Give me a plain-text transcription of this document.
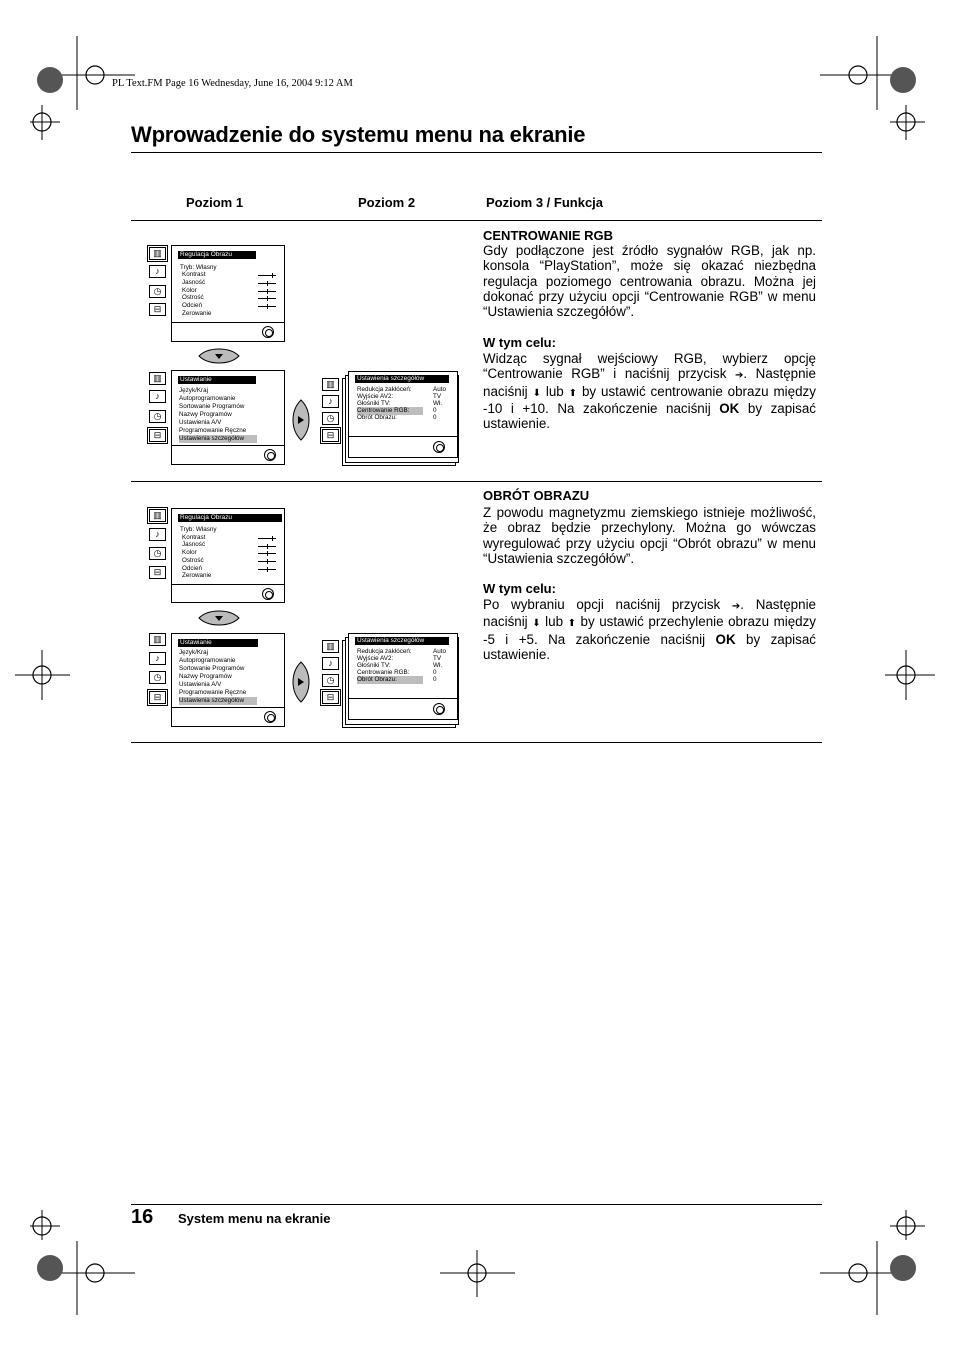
PL Text.FM Page 16 Wednesday, June 16, 2004 9:12 AM
Wprowadzenie do systemu menu na ekranie
Poziom 1	Poziom 2	Poziom 3 / Funkcja
CENTROWANIE RGB
Gdy podłączone jest źródło sygnałów RGB, jak np. konsola “PlayStation”, może się okazać niezbędna regulacja poziomego centrowania obrazu. Można jej dokonać przy użyciu opcji “Centrowanie RGB” w menu “Ustawienia szczegółów”.
W tym celu:
Widząc sygnał wejściowy RGB, wybierz opcję “Centrowanie RGB” i naciśnij przycisk ➔. Następnie naciśnij ⬇ lub ⬆ by ustawić centrowanie obrazu między -10 i +10. Na zakończenie naciśnij OK by zapisać ustawienie.
OBRÓT OBRAZU
Z powodu magnetyzmu ziemskiego istnieje możliwość, że obraz będzie przechylony. Można go wówczas wyregulować przy użyciu opcji “Obrót obrazu” w menu “Ustawienia szczegółów”.
W tym celu:
Po wybraniu opcji naciśnij przycisk ➔. Następnie naciśnij ⬇ lub ⬆ by ustawić przechylenie obrazu między -5 i +5. Na zakończenie naciśnij OK by zapisać ustawienie.
▥
♪
◷
⊟
Regulacja Obrazu
Tryb: Własny
Kontrast
Jasność
Kolor
Ostrość
Odcień
Zerowanie
▥
♪
◷
⊟
Ustawianie
Język/Kraj
Autoprogramowanie
Sortowanie Programów
Nazwy Programów
Ustawienia A/V
Programowanie Ręczne
Ustawienia szczegółów
▥
♪
◷
⊟
Ustawienia szczegółów
Redukcja zakłóceń:
Wyjście AV2:
Głośniki TV:
Centrowanie RGB:
Obrót Obrazu:
Auto
TV
Wł.
0
0
▥
♪
◷
⊟
Regulacja Obrazu
Tryb: Własny
Kontrast
Jasność
Kolor
Ostrość
Odcień
Zerowanie
▥
♪
◷
⊟
Ustawianie
Język/Kraj
Autoprogramowanie
Sortowanie Programów
Nazwy Programów
Ustawienia A/V
Programowanie Ręczne
Ustawienia szczegółów
▥
♪
◷
⊟
Ustawienia szczegółów
Redukcja zakłóceń:
Wyjście AV2:
Głośniki TV:
Centrowanie RGB:
Obrót Obrazu:
Auto
TV
Wł.
0
0
16 System menu na ekranie
